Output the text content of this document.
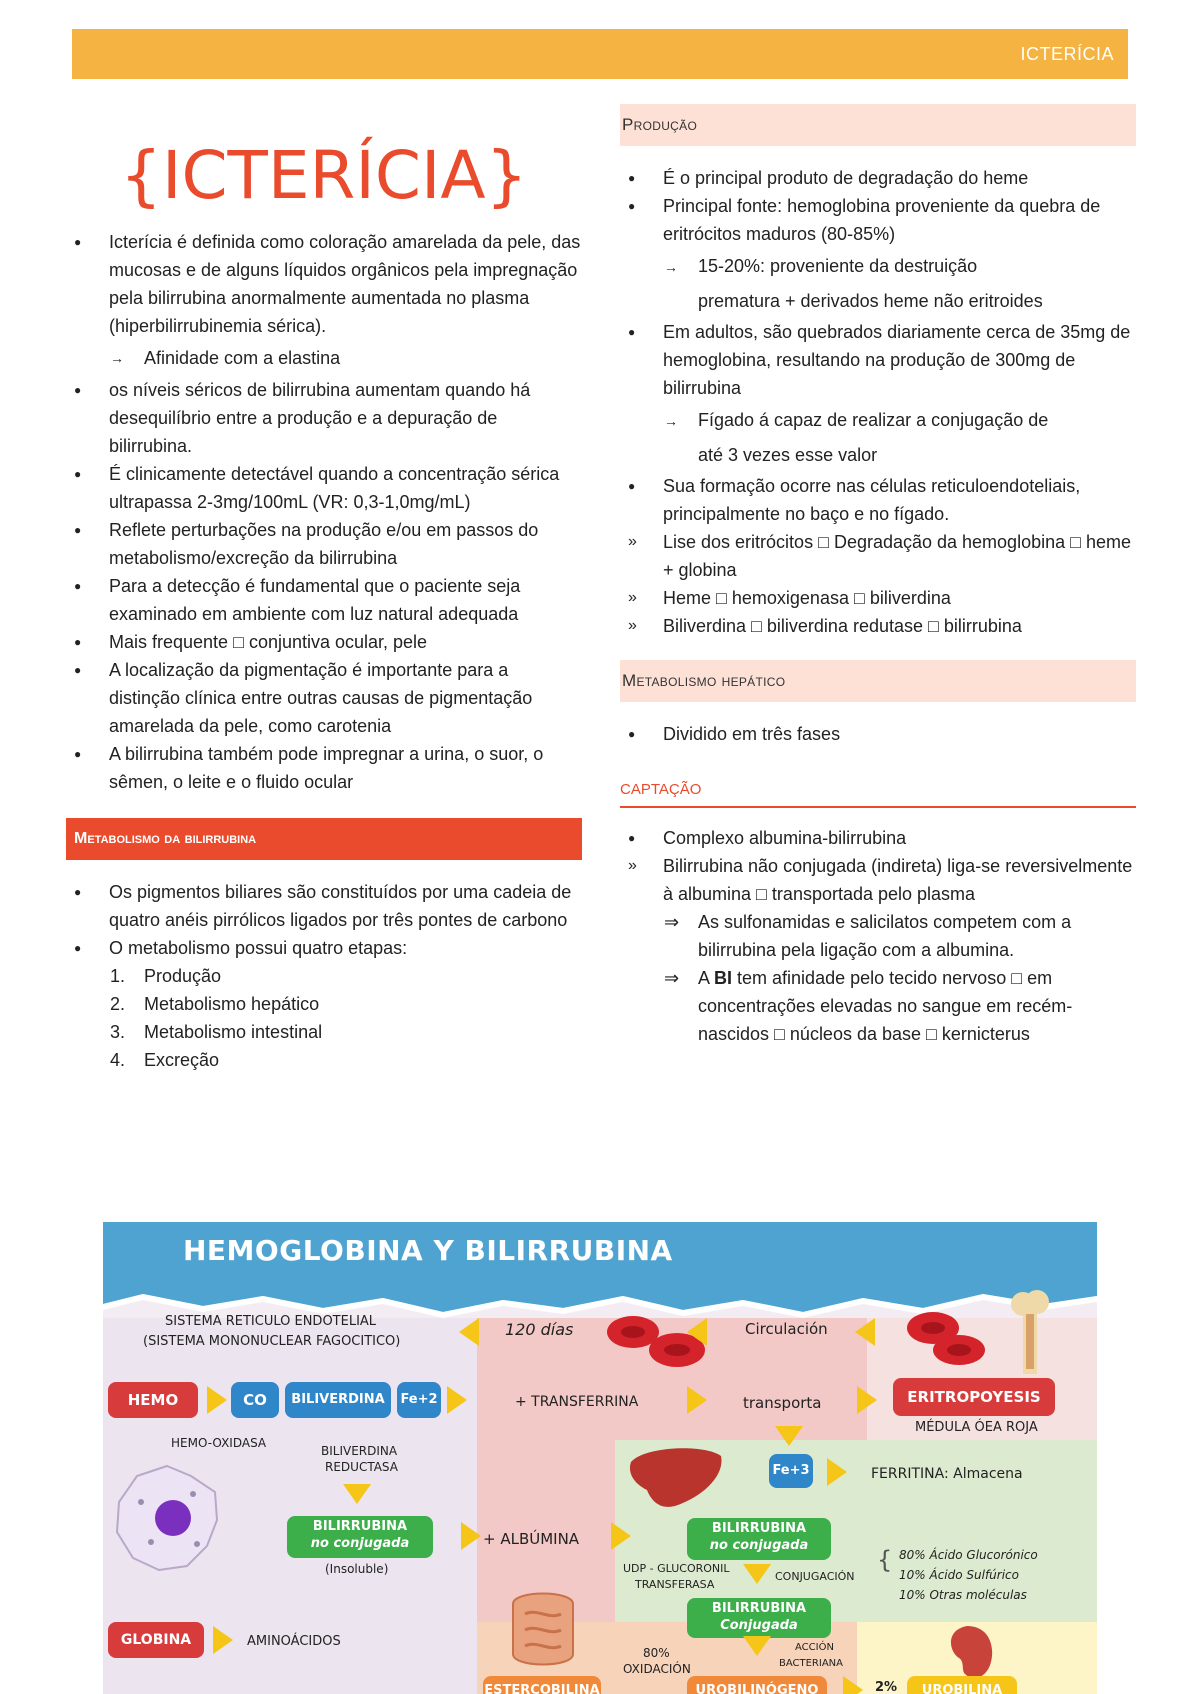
ICTERÍCIA
{ICTERÍCIA}
● Icterícia é definida como coloração amarelada da pele, das mucosas e de alguns líquidos orgânicos pela impregnação pela bilirrubina anormalmente aumentada no plasma (hiperbilirrubinemia sérica).
→ Afinidade com a elastina
● os níveis séricos de bilirrubina aumentam quando há desequilíbrio entre a produção e a depuração de bilirrubina.
● É clinicamente detectável quando a concentração sérica ultrapassa 2-3mg/100mL (VR: 0,3-1,0mg/mL)
● Reflete perturbações na produção e/ou em passos do metabolismo/excreção da bilirrubina
● Para a detecção é fundamental que o paciente seja examinado em ambiente com luz natural adequada
● Mais frequente □ conjuntiva ocular, pele
● A localização da pigmentação é importante para a distinção clínica entre outras causas de pigmentação amarelada da pele, como carotenia
● A bilirrubina também pode impregnar a urina, o suor, o sêmen, o leite e o fluido ocular
Metabolismo da bilirrubina
● Os pigmentos biliares são constituídos por uma cadeia de quatro anéis pirrólicos ligados por três pontes de carbono
● O metabolismo possui quatro etapas:
1. Produção
2. Metabolismo hepático
3. Metabolismo intestinal
4. Excreção
Produção
● É o principal produto de degradação do heme
● Principal fonte: hemoglobina proveniente da quebra de eritrócitos maduros (80-85%)
→ 15-20%: proveniente da destruição
prematura + derivados heme não eritroides
● Em adultos, são quebrados diariamente cerca de 35mg de hemoglobina, resultando na produção de 300mg de bilirrubina
→ Fígado á capaz de realizar a conjugação de
até 3 vezes esse valor
● Sua formação ocorre nas células reticuloendoteliais, principalmente no baço e no fígado.
» Lise dos eritrócitos □ Degradação da hemoglobina □ heme + globina
» Heme □ hemoxigenasa □ biliverdina
» Biliverdina □ biliverdina redutase □ bilirrubina
Metabolismo hepático
● Dividido em três fases
CAPTAÇÃO
● Complexo albumina-bilirrubina
» Bilirrubina não conjugada (indireta) liga-se reversivelmente à albumina □ transportada pelo plasma
⇒ As sulfonamidas e salicilatos competem com a bilirrubina pela ligação com a albumina.
⇒ A BI tem afinidade pelo tecido nervoso □ em concentrações elevadas no sangue em recém-
nascidos □ núcleos da base □ kernicterus
HEMOGLOBINA Y BILIRRUBINA
SISTEMA RETICULO ENDOTELIAL
(SISTEMA MONONUCLEAR FAGOCITICO)
120 días	Circulación
HEMO	CO	BILIVERDINA	Fe+2	+ TRANSFERRINA	transporta	ERITROPOYESIS
MÉDULA ÓEA ROJA
HEMO-OXIDASA
BILIVERDINA
REDUCTASA	Fe+3	FERRITINA: Almacena
BILIRRUBINA
no conjugada
(Insoluble)
+ ALBÚMINA
BILIRRUBINA
no conjugada
UDP - GLUCORONIL
TRANSFERASA
CONJUGACIÓN
{ 80% Ácido Glucorónico
10% Ácido Sulfúrico
10% Otras moléculas
BILIRRUBINA
Conjugada
GLOBINA	AMINOÁCIDOS
80%
OXIDACIÓN
ACCIÓN
BACTERIANA
ESTERCOBILINA	UROBILINÓGENO	2%	UROBILINA
